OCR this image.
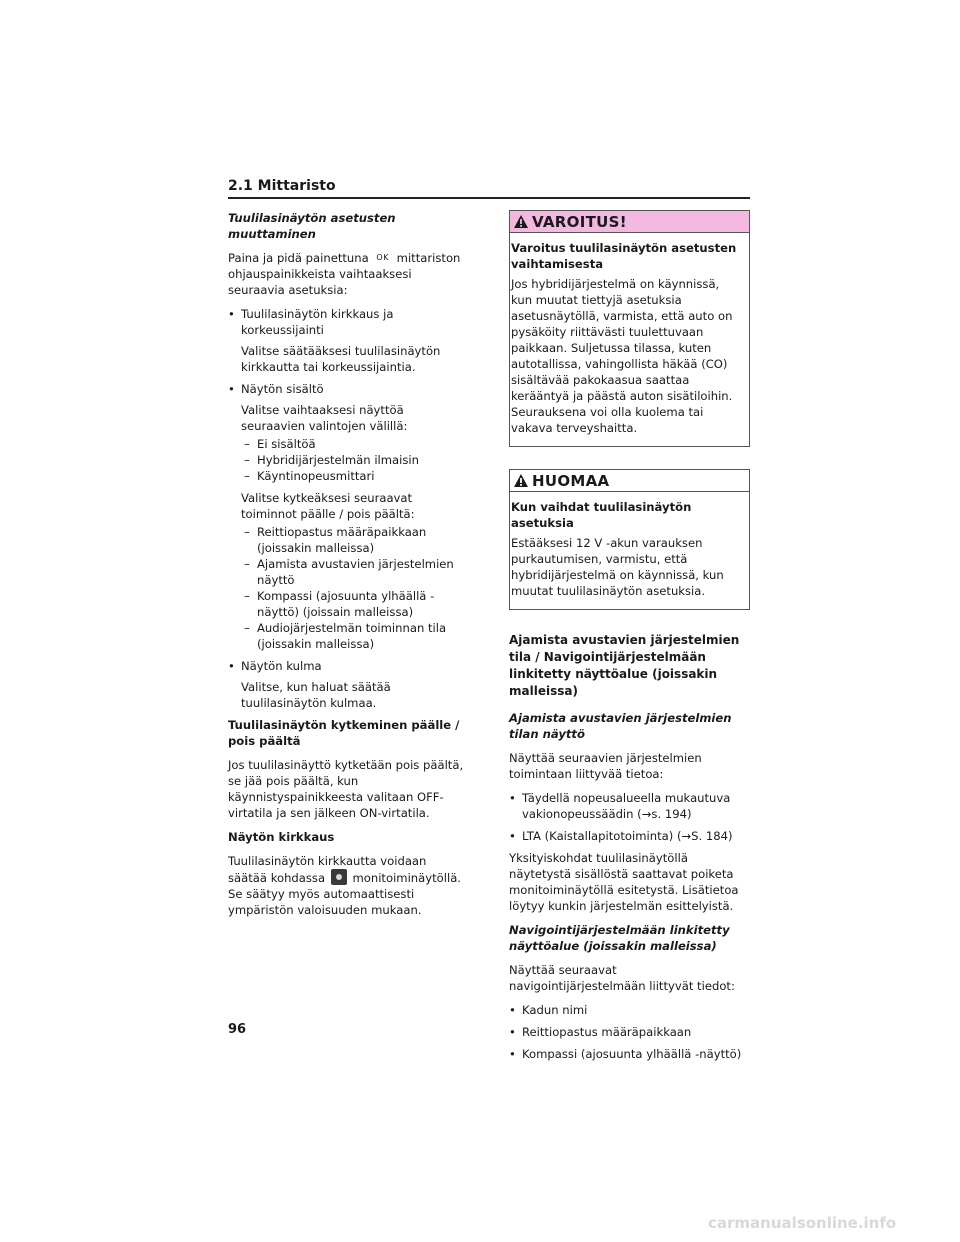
2.1 Mittaristo
Tuulilasinäytön asetusten muuttaminen

Paina ja pidä painettuna OK mittariston ohjauspainikkeista vaihtaaksesi seuraavia asetuksia:

• Tuulilasinäytön kirkkaus ja korkeussijainti
Valitse säätääksesi tuulilasinäytön kirkkautta tai korkeussijaintia.
• Näytön sisältö
Valitse vaihtaaksesi näyttöä seuraavien valintojen välillä:
– Ei sisältöä
– Hybridijärjestelmän ilmaisin
– Käyntinopeusmittari
Valitse kytkeäksesi seuraavat toiminnot päälle / pois päältä:
– Reittiopastus määräpaikkaan (joissakin malleissa)
– Ajamista avustavien järjestelmien näyttö
– Kompassi (ajosuunta ylhäällä -näyttö) (joissain malleissa)
– Audiojärjestelmän toiminnan tila (joissakin malleissa)
• Näytön kulma
Valitse, kun haluat säätää tuulilasinäytön kulmaa.
Tuulilasinäytön kytkeminen päälle / pois päältä

Jos tuulilasinäyttö kytketään pois päältä, se jää pois päältä, kun käynnistyspainikkeesta valitaan OFF-virtatila ja sen jälkeen ON-virtatila.

Näytön kirkkaus

Tuulilasinäytön kirkkautta voidaan säätää kohdassa monitoiminäytöllä. Se säätyy myös automaattisesti ympäristön valoisuuden mukaan.

VAROITUS!
Varoitus tuulilasinäytön asetusten vaihtamisesta

Jos hybridijärjestelmä on käynnissä, kun muutat tiettyjä asetuksia asetusnäytöllä, varmista, että auto on pysäköity riittävästi tuulettuvaan paikkaan. Suljetussa tilassa, kuten autotallissa, vahingollista häkää (CO) sisältävää pakokaasua saattaa kerääntyä ja päästä auton sisätiloihin. Seurauksena voi olla kuolema tai vakava terveyshaitta.

HUOMAA
Kun vaihdat tuulilasinäytön asetuksia

Estääksesi 12 V -akun varauksen purkautumisen, varmistu, että hybridijärjestelmä on käynnissä, kun muutat tuulilasinäytön asetuksia.

Ajamista avustavien järjestelmien tila / Navigointijärjestelmään linkitetty näyttöalue (joissakin malleissa)
Ajamista avustavien järjestelmien tilan näyttö

Näyttää seuraavien järjestelmien toimintaan liittyvää tietoa:

• Täydellä nopeusalueella mukautuva vakionopeussäädin (→s. 194)
• LTA (Kaistallapitotoiminta) (→S. 184)

Yksityiskohdat tuulilasinäytöllä näytetystä sisällöstä saattavat poiketa monitoiminäytöllä esitetystä. Lisätietoa löytyy kunkin järjestelmän esittelyistä.

Navigointijärjestelmään linkitetty näyttöalue (joissakin malleissa)

Näyttää seuraavat navigointijärjestelmään liittyvät tiedot:

• Kadun nimi
• Reittiopastus määräpaikkaan
• Kompassi (ajosuunta ylhäällä -näyttö)
96
carmanualsonline.info
